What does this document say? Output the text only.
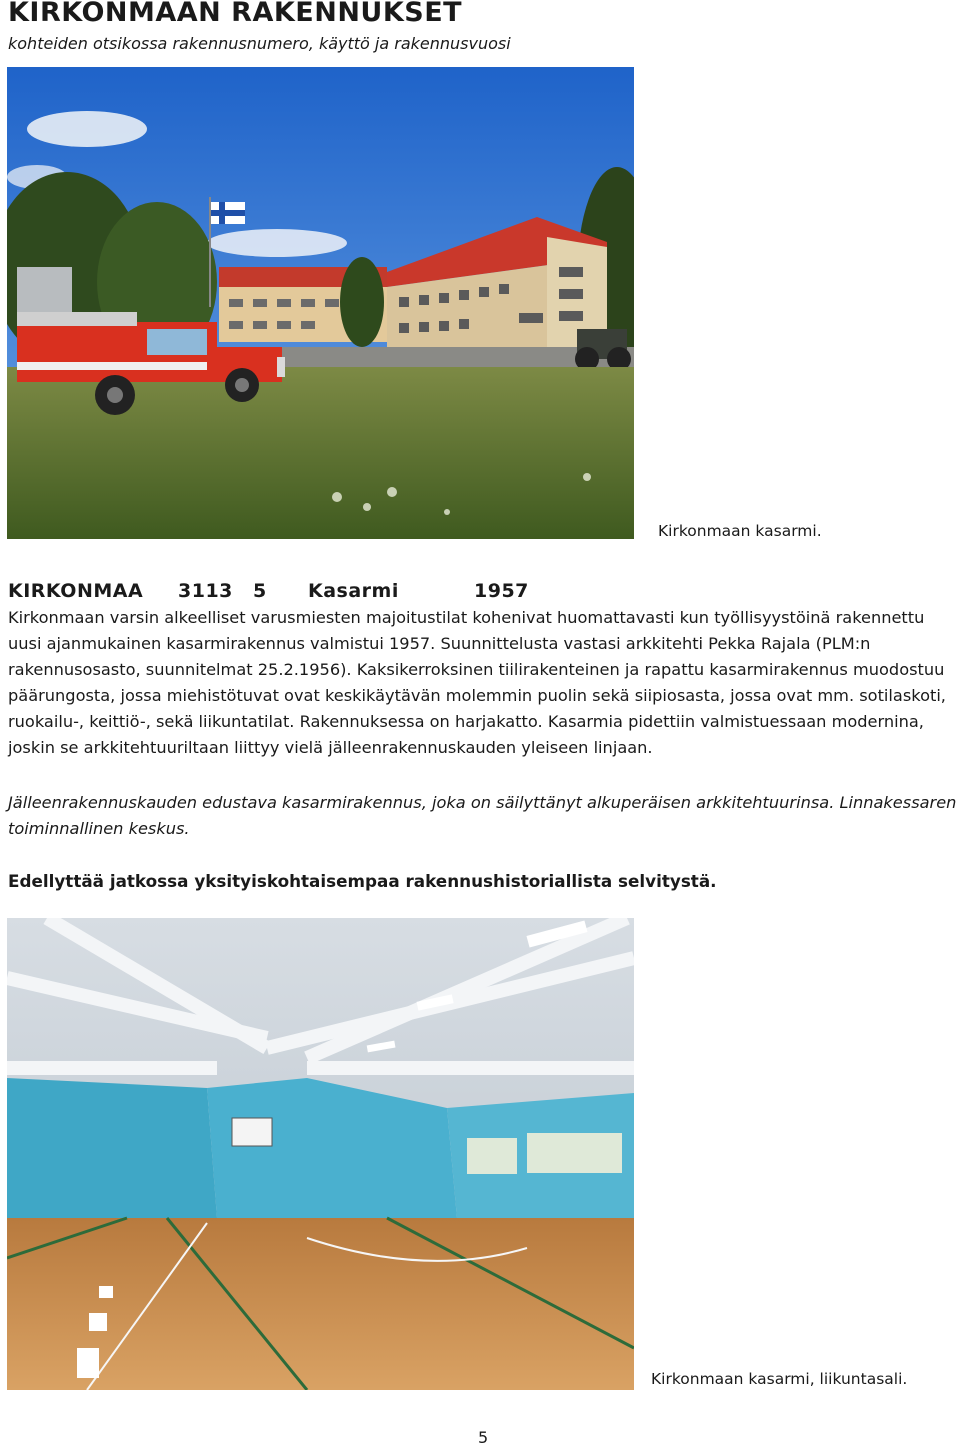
KIRKONMAAN RAKENNUKSET

kohteiden otsikossa rakennusnumero, käyttö ja rakennusvuosi

Kirkonmaan kasarmi.
KIRKONMAA 3113 5 Kasarmi	1957

Kirkonmaan varsin alkeelliset varusmiesten majoitustilat kohenivat huomattavasti kun työllisyystöinä rakennettu uusi ajanmukainen kasarmirakennus valmistui 1957. Suunnittelusta vastasi arkkitehti Pekka Rajala (PLM:n rakennusosasto, suunnitelmat 25.2.1956). Kaksikerroksinen tiilirakenteinen ja rapattu kasarmirakennus muodostuu päärungosta, jossa miehistötuvat ovat keskikäytävän molemmin puolin sekä siipiosasta, jossa ovat mm. sotilaskoti, ruokailu-, keittiö-, sekä liikuntatilat. Rakennuksessa on harjakatto. Kasarmia pidettiin valmistuessaan modernina, joskin se arkkitehtuuriltaan liittyy vielä jälleenrakennuskauden yleiseen linjaan.

Jälleenrakennuskauden edustava kasarmirakennus, joka on säilyttänyt alkuperäisen arkkitehtuurinsa. Linnakessaren toiminnallinen keskus.

Edellyttää jatkossa yksityiskohtaisempaa rakennushistoriallista selvitystä.

Kirkonmaan kasarmi, liikuntasali.
5
